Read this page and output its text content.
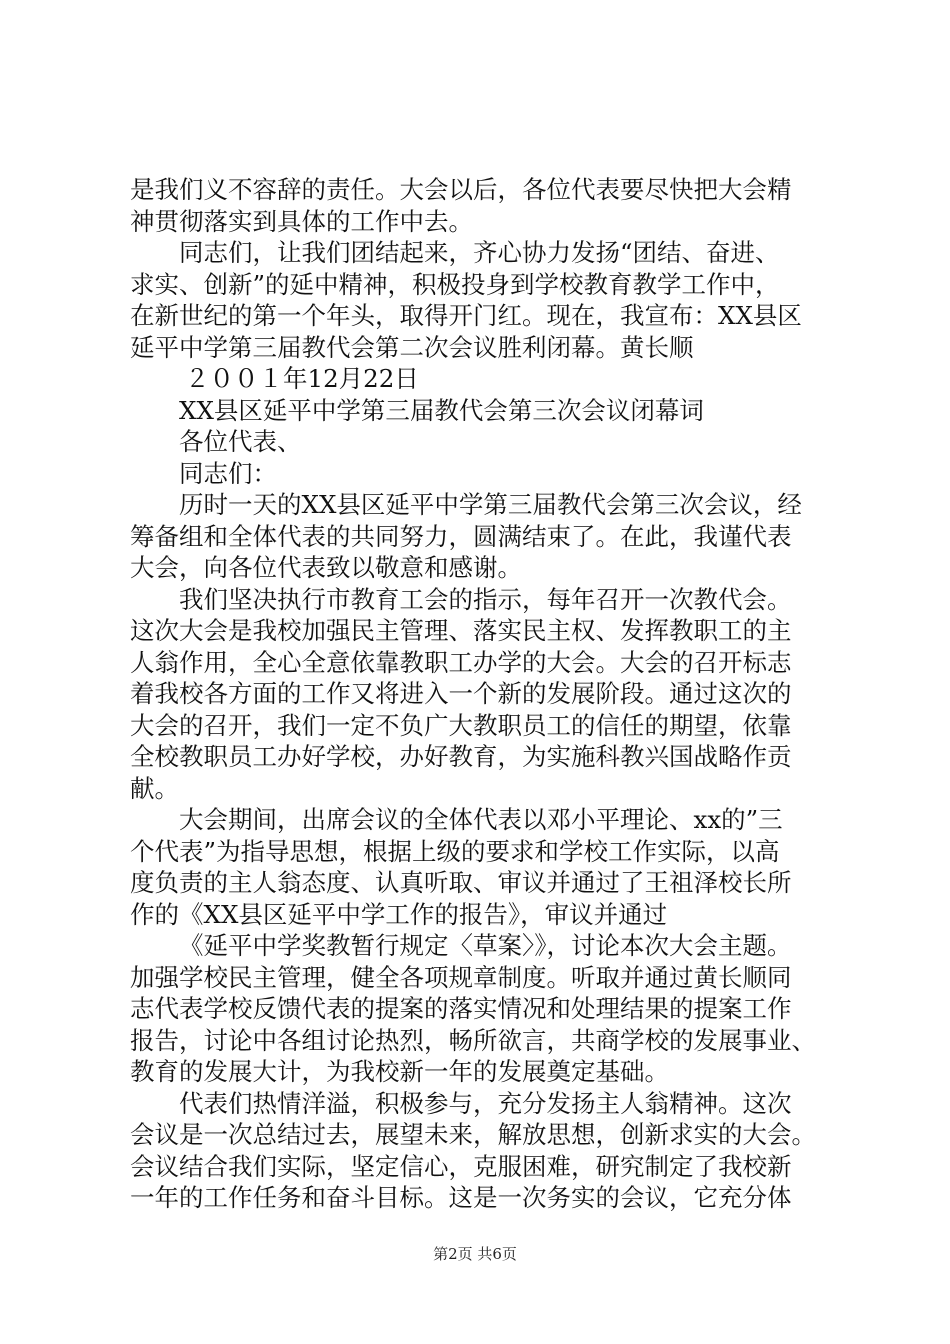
是我们义不容辞的责任。大会以后，各位代表要尽快把大会精
神贯彻落实到具体的工作中去。
同志们，让我们团结起来，齐心协力发扬“团结、奋进、
求实、创新”的延中精神，积极投身到学校教育教学工作中，
在新世纪的第一个年头，取得开门红。现在，我宣布：XX县区
延平中学第三届教代会第二次会议胜利闭幕。黄长顺
２００１年12月22日
XX县区延平中学第三届教代会第三次会议闭幕词
各位代表、
同志们：
历时一天的XX县区延平中学第三届教代会第三次会议，经
筹备组和全体代表的共同努力，圆满结束了。在此，我谨代表
大会，向各位代表致以敬意和感谢。
我们坚决执行市教育工会的指示，每年召开一次教代会。
这次大会是我校加强民主管理、落实民主权、发挥教职工的主
人翁作用，全心全意依靠教职工办学的大会。大会的召开标志
着我校各方面的工作又将进入一个新的发展阶段。通过这次的
大会的召开，我们一定不负广大教职员工的信任的期望，依靠
全校教职员工办好学校，办好教育，为实施科教兴国战略作贡
献。
大会期间，出席会议的全体代表以邓小平理论、xx的”三
个代表”为指导思想，根据上级的要求和学校工作实际，以高
度负责的主人翁态度、认真听取、审议并通过了王祖泽校长所
作的《XX县区延平中学工作的报告》，审议并通过
《延平中学奖教暂行规定〈草案〉》，讨论本次大会主题。
加强学校民主管理，健全各项规章制度。听取并通过黄长顺同
志代表学校反馈代表的提案的落实情况和处理结果的提案工作
报告，讨论中各组讨论热烈，畅所欲言，共商学校的发展事业、
教育的发展大计，为我校新一年的发展奠定基础。
代表们热情洋溢，积极参与，充分发扬主人翁精神。这次
会议是一次总结过去，展望未来，解放思想，创新求实的大会。
会议结合我们实际，坚定信心，克服困难，研究制定了我校新
一年的工作任务和奋斗目标。这是一次务实的会议，它充分体
第2页 共6页
